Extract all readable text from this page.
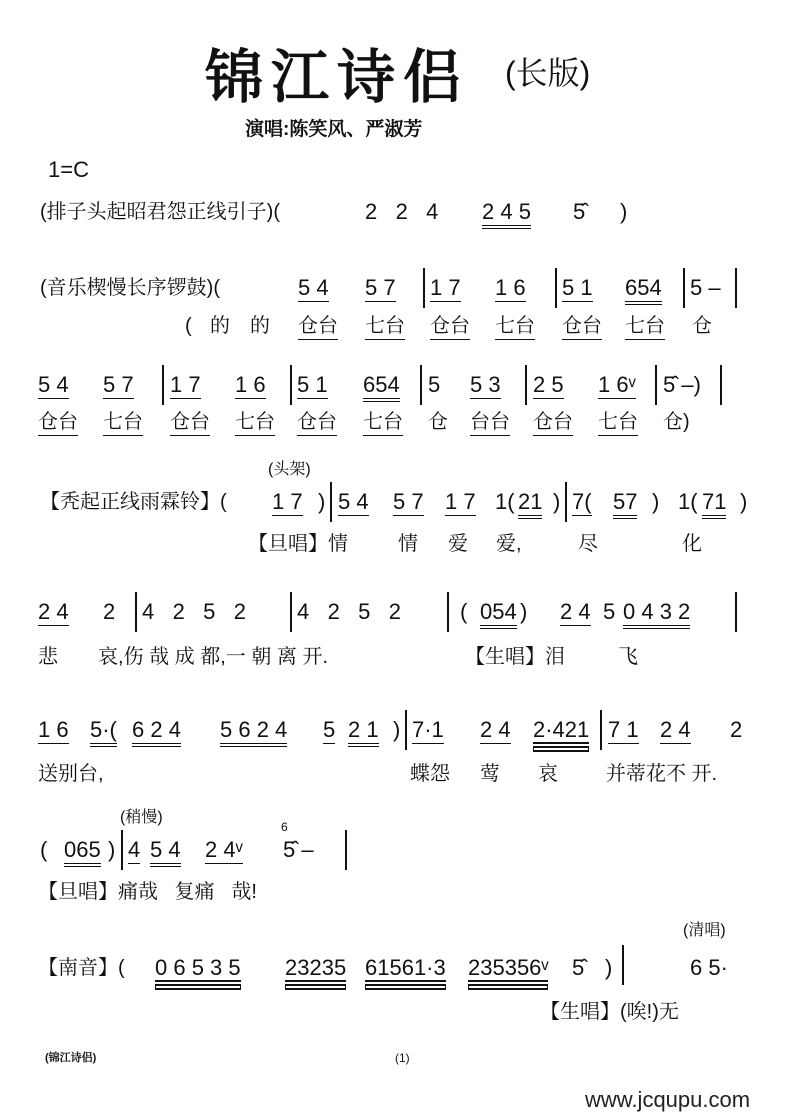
锦江诗侣 (长版)
演唱:陈笑风、严淑芳
1=C
(排子头起昭君怨正线引子)(	2   2   4 2 4 5 5̂ )
(音乐楔慢长序锣鼓)(	5 4 5 7 1 7 1 6 5 1 654 5 –
( 的 的 仓台 七台 仓台 七台 仓台 七台 仓
5 4 5 7 1 7 1 6 5 1 654 5 5 3 2 5 1 6ᵛ 5̂ –)
仓台 七台 仓台 七台 仓台 七台 仓 台台 仓台 七台 仓)
(头架)
【秃起正线雨霖铃】( 1 7 ) 5 4 5 7 1 7 1( 21 ) 7( 57 ) 1( 71 )
【旦唱】情	情 爱 爱,	尽	化
2 4 2 4   2   5   2 4   2   5   2	( 054 ) 2 4 5 0 4 3 2
悲 哀,伤 哉 成 都,一 朝 离 开.	【生唱】泪	飞
1 6 5·( 6 2 4 5 6 2 4 5 2 1 ) 7·1 2 4 2·421 7 1 2 4 2
送别台,	蝶怨 莺 哀 并蒂花不 开.
(稍慢)
( 065 ) 4 5 4 2 4ᵛ
6
5̂ –
【旦唱】痛哉   复痛   哉!
(清唱)
【南音】( 0 6 5 3 5 23235 61561·3 235356ᵛ 5̂ )	6 5·
【生唱】(唉!)无
(锦江诗侣)	(1)
www.jcqupu.com
